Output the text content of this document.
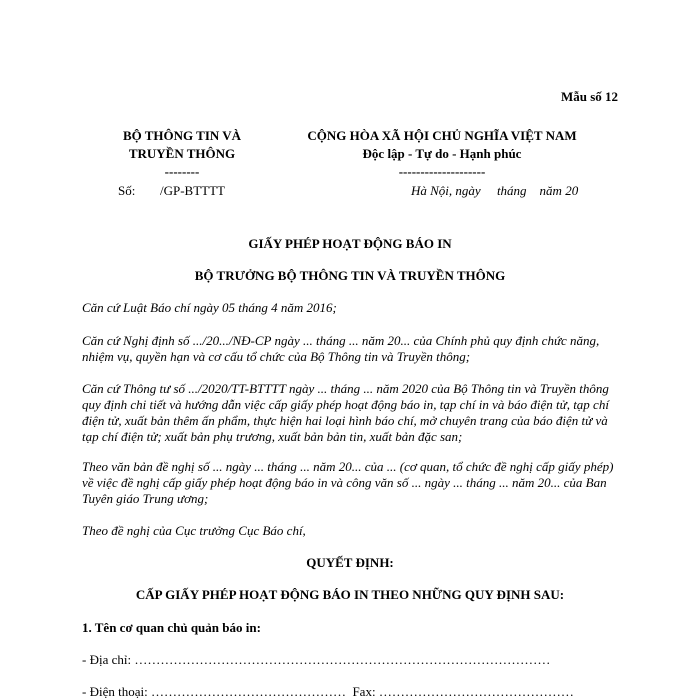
Mẫu số 12
BỘ THÔNG TIN VÀ
TRUYỀN THÔNG
--------
CỘNG HÒA XÃ HỘI CHỦ NGHĨA VIỆT NAM
Độc lập - Tự do - Hạnh phúc
--------------------
Số: /GP-BTTTT	Hà Nội, ngày     tháng    năm 20
GIẤY PHÉP HOẠT ĐỘNG BÁO IN
BỘ TRƯỞNG BỘ THÔNG TIN VÀ TRUYỀN THÔNG
Căn cứ Luật Báo chí ngày 05 tháng 4 năm 2016;
Căn cứ Nghị định số .../20.../NĐ-CP ngày ... tháng ... năm 20... của Chính phủ quy định chức năng, nhiệm vụ, quyền hạn và cơ cấu tổ chức của Bộ Thông tin và Truyền thông;
Căn cứ Thông tư số .../2020/TT-BTTTT ngày ... tháng ... năm 2020 của Bộ Thông tin và Truyền thông quy định chi tiết và hướng dẫn việc cấp giấy phép hoạt động báo in, tạp chí in và báo điện tử, tạp chí điện tử, xuất bản thêm ấn phẩm, thực hiện hai loại hình báo chí, mở chuyên trang của báo điện tử và tạp chí điện tử; xuất bản phụ trương, xuất bản bản tin, xuất bản đặc san;
Theo văn bản đề nghị số ... ngày ... tháng ... năm 20... của ... (cơ quan, tổ chức đề nghị cấp giấy phép) về việc đề nghị cấp giấy phép hoạt động báo in và công văn số ... ngày ... tháng ... năm 20... của Ban Tuyên giáo Trung ương;
Theo đề nghị của Cục trưởng Cục Báo chí,
QUYẾT ĐỊNH:
CẤP GIẤY PHÉP HOẠT ĐỘNG BÁO IN THEO NHỮNG QUY ĐỊNH SAU:
1. Tên cơ quan chủ quản báo in:
- Địa chỉ: ……………………………………………………………………………………
- Điện thoại: ………………………………………  Fax: ………………………………………
